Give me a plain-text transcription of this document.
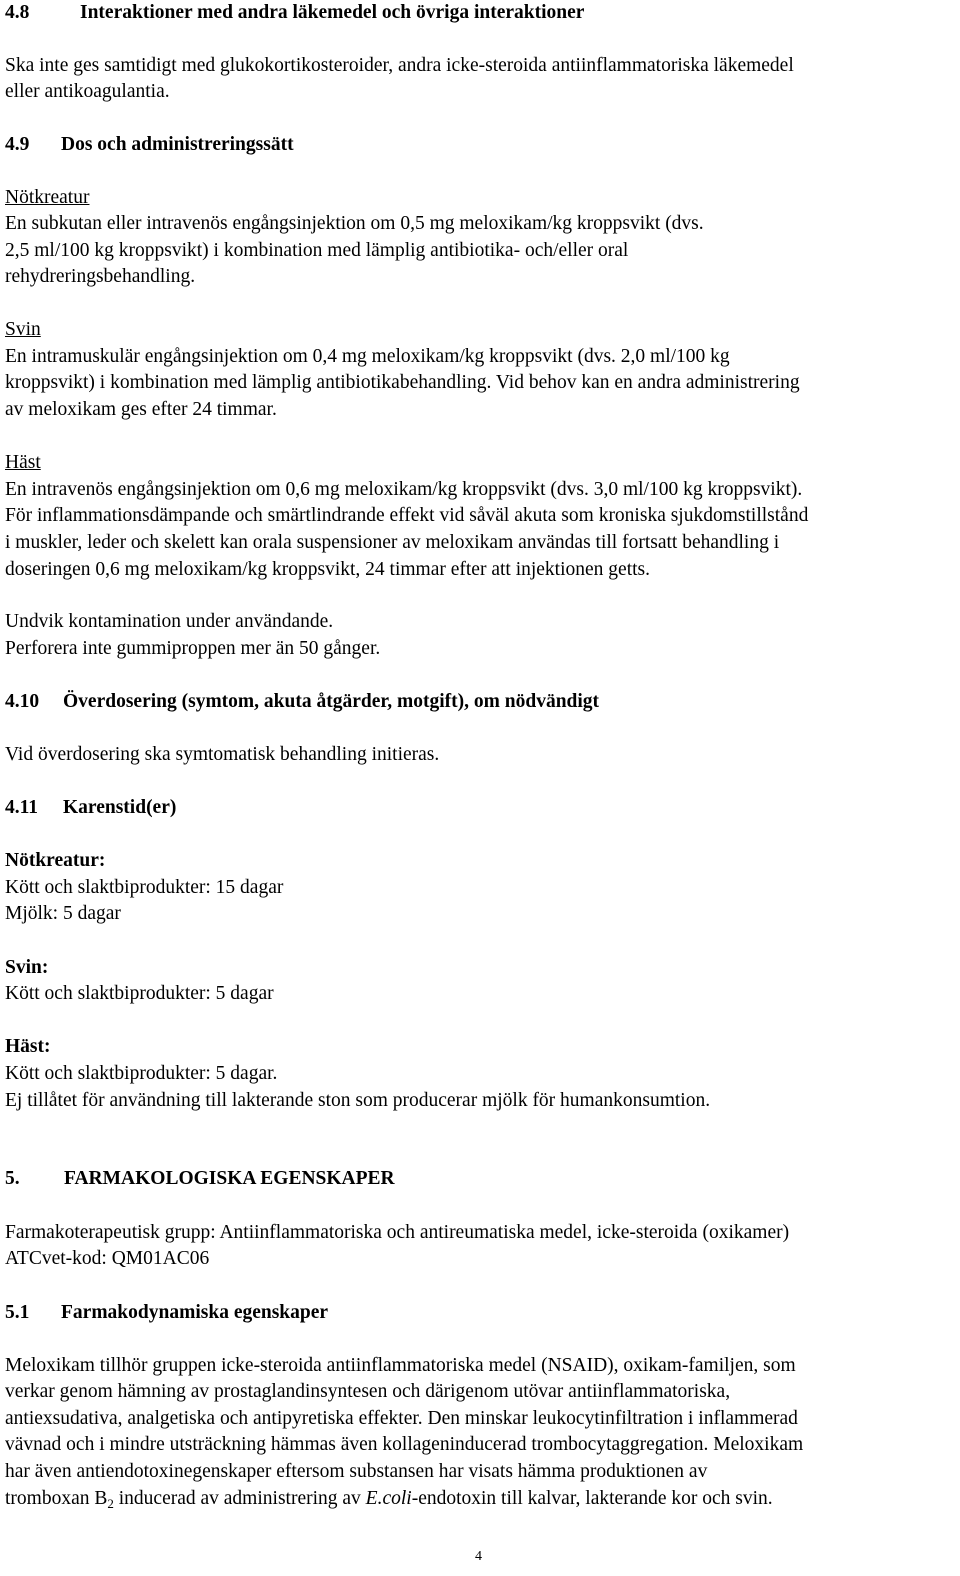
4.8	Interaktioner med andra läkemedel och övriga interaktioner
Ska inte ges samtidigt med glukokortikosteroider, andra icke-steroida antiinflammatoriska läkemedel
eller antikoagulantia.
4.9 Dos och administreringssätt
Nötkreatur
En subkutan eller intravenös engångsinjektion om 0,5 mg meloxikam/kg kroppsvikt (dvs.
2,5 ml/100 kg kroppsvikt) i kombination med lämplig antibiotika- och/eller oral
rehydreringsbehandling.
Svin
En intramuskulär engångsinjektion om 0,4 mg meloxikam/kg kroppsvikt (dvs. 2,0 ml/100 kg
kroppsvikt) i kombination med lämplig antibiotikabehandling. Vid behov kan en andra administrering
av meloxikam ges efter 24 timmar.
Häst
En intravenös engångsinjektion om 0,6 mg meloxikam/kg kroppsvikt (dvs. 3,0 ml/100 kg kroppsvikt).
För inflammationsdämpande och smärtlindrande effekt vid såväl akuta som kroniska sjukdomstillstånd
i muskler, leder och skelett kan orala suspensioner av meloxikam användas till fortsatt behandling i
doseringen 0,6 mg meloxikam/kg kroppsvikt, 24 timmar efter att injektionen getts.
Undvik kontamination under användande.
Perforera inte gummiproppen mer än 50 gånger.
4.10 Överdosering (symtom, akuta åtgärder, motgift), om nödvändigt
Vid överdosering ska symtomatisk behandling initieras.
4.11 Karenstid(er)
Nötkreatur:
Kött och slaktbiprodukter: 15 dagar
Mjölk: 5 dagar
Svin:
Kött och slaktbiprodukter: 5 dagar
Häst:
Kött och slaktbiprodukter: 5 dagar.
Ej tillåtet för användning till lakterande ston som producerar mjölk för humankonsumtion.
5. FARMAKOLOGISKA EGENSKAPER
Farmakoterapeutisk grupp: Antiinflammatoriska och antireumatiska medel, icke-steroida (oxikamer)
ATCvet-kod: QM01AC06
5.1 Farmakodynamiska egenskaper
Meloxikam tillhör gruppen icke-steroida antiinflammatoriska medel (NSAID), oxikam-familjen, som
verkar genom hämning av prostaglandinsyntesen och därigenom utövar antiinflammatoriska,
antiexsudativa, analgetiska och antipyretiska effekter. Den minskar leukocytinfiltration i inflammerad
vävnad och i mindre utsträckning hämmas även kollageninducerad trombocytaggregation. Meloxikam
har även antiendotoxinegenskaper eftersom substansen har visats hämma produktionen av
tromboxan $B_2$ inducerad av administrering av E.coli-endotoxin till kalvar, lakterande kor och svin.
4
